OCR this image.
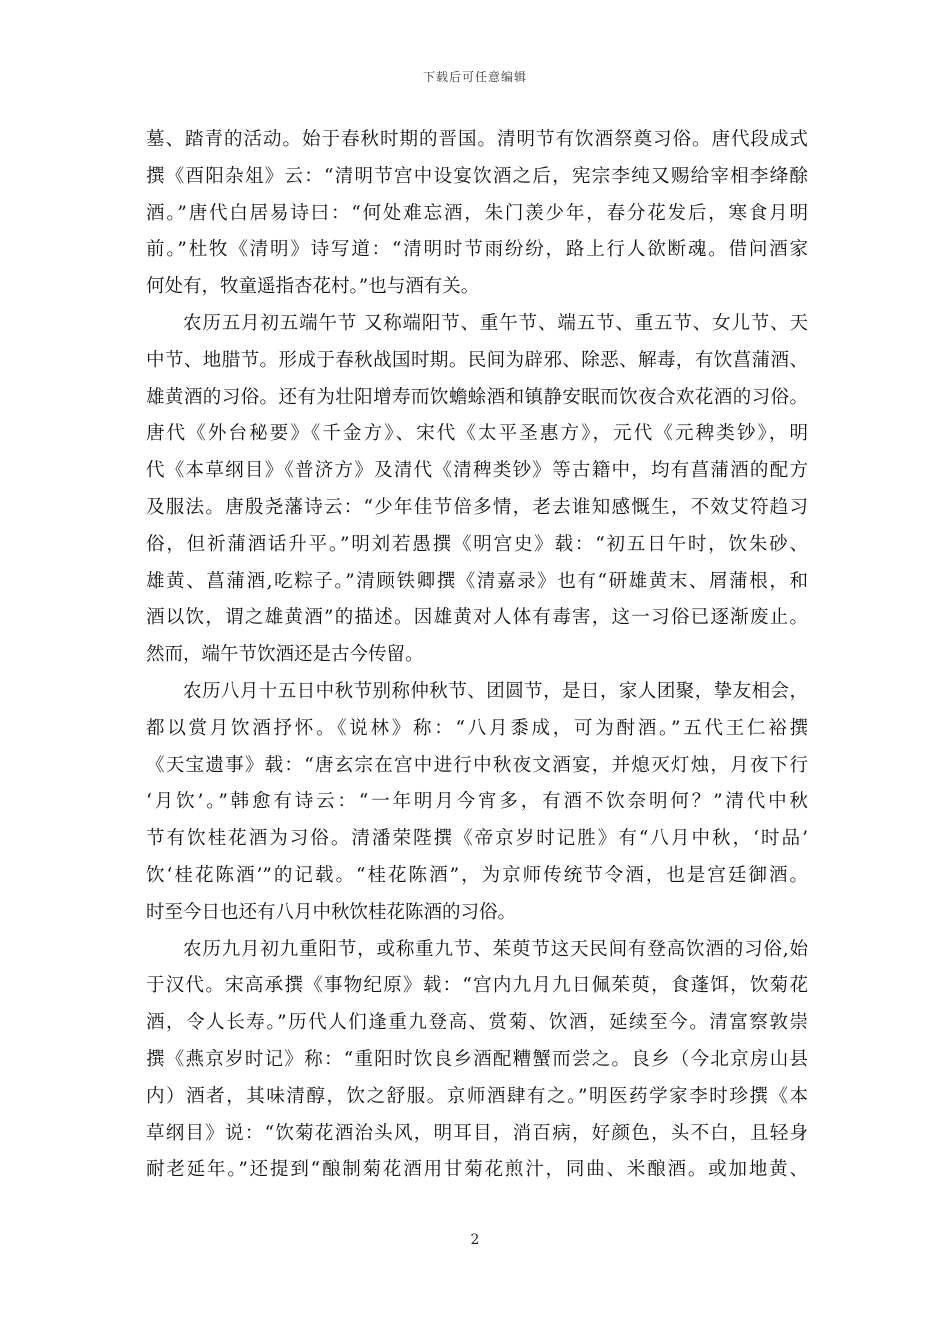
下载后可任意编辑
墓、踏青的活动。始于春秋时期的晋国。清明节有饮酒祭奠习俗。唐代段成式
撰《酉阳杂俎》云：“清明节宫中设宴饮酒之后，宪宗李纯又赐给宰相李绛酴
酒。”唐代白居易诗曰：“何处难忘酒，朱门羡少年，春分花发后，寒食月明
前。”杜牧《清明》诗写道：“清明时节雨纷纷，路上行人欲断魂。借问酒家
何处有，牧童遥指杏花村。”也与酒有关。
农历五月初五端午节 又称端阳节、重午节、端五节、重五节、女儿节、天
中节、地腊节。形成于春秋战国时期。民间为辟邪、除恶、解毒，有饮菖蒲酒、
雄黄酒的习俗。还有为壮阳增寿而饮蟾蜍酒和镇静安眠而饮夜合欢花酒的习俗。
唐代《外台秘要》《千金方》、宋代《太平圣惠方》，元代《元稗类钞》，明
代《本草纲目》《普济方》及清代《清稗类钞》等古籍中，均有菖蒲酒的配方
及服法。唐殷尧藩诗云：“少年佳节倍多情，老去谁知感慨生，不效艾符趋习
俗，但祈蒲酒话升平。”明刘若愚撰《明宫史》载：“初五日午时，饮朱砂、
雄黄、菖蒲酒,吃粽子。”清顾铁卿撰《清嘉录》也有“研雄黄末、屑蒲根，和
酒以饮，谓之雄黄酒”的描述。因雄黄对人体有毒害，这一习俗已逐渐废止。
然而，端午节饮酒还是古今传留。
农历八月十五日中秋节别称仲秋节、团圆节，是日，家人团聚，挚友相会，
都以赏月饮酒抒怀。《说林》称：“八月黍成，可为酎酒。”五代王仁裕撰
《天宝遗事》载：“唐玄宗在宫中进行中秋夜文酒宴，并熄灭灯烛，月夜下行
‘月饮’。”韩愈有诗云：“一年明月今宵多，有酒不饮奈明何？”清代中秋
节有饮桂花酒为习俗。清潘荣陛撰《帝京岁时记胜》有“八月中秋，‘时品’
饮‘桂花陈酒’”的记载。“桂花陈酒”，为京师传统节令酒，也是宫廷御酒。
时至今日也还有八月中秋饮桂花陈酒的习俗。
农历九月初九重阳节，或称重九节、茱萸节这天民间有登高饮酒的习俗,始
于汉代。宋高承撰《事物纪原》载：“宫内九月九日佩茱萸，食蓬饵，饮菊花
酒，令人长寿。”历代人们逢重九登高、赏菊、饮酒，延续至今。清富察敦崇
撰《燕京岁时记》称：“重阳时饮良乡酒配糟蟹而尝之。良乡（今北京房山县
内）酒者，其味清醇，饮之舒服。京师酒肆有之。”明医药学家李时珍撰《本
草纲目》说：“饮菊花酒治头风，明耳目，消百病，好颜色，头不白，且轻身
耐老延年。”还提到“酿制菊花酒用甘菊花煎汁，同曲、米酿酒。或加地黄、
2
